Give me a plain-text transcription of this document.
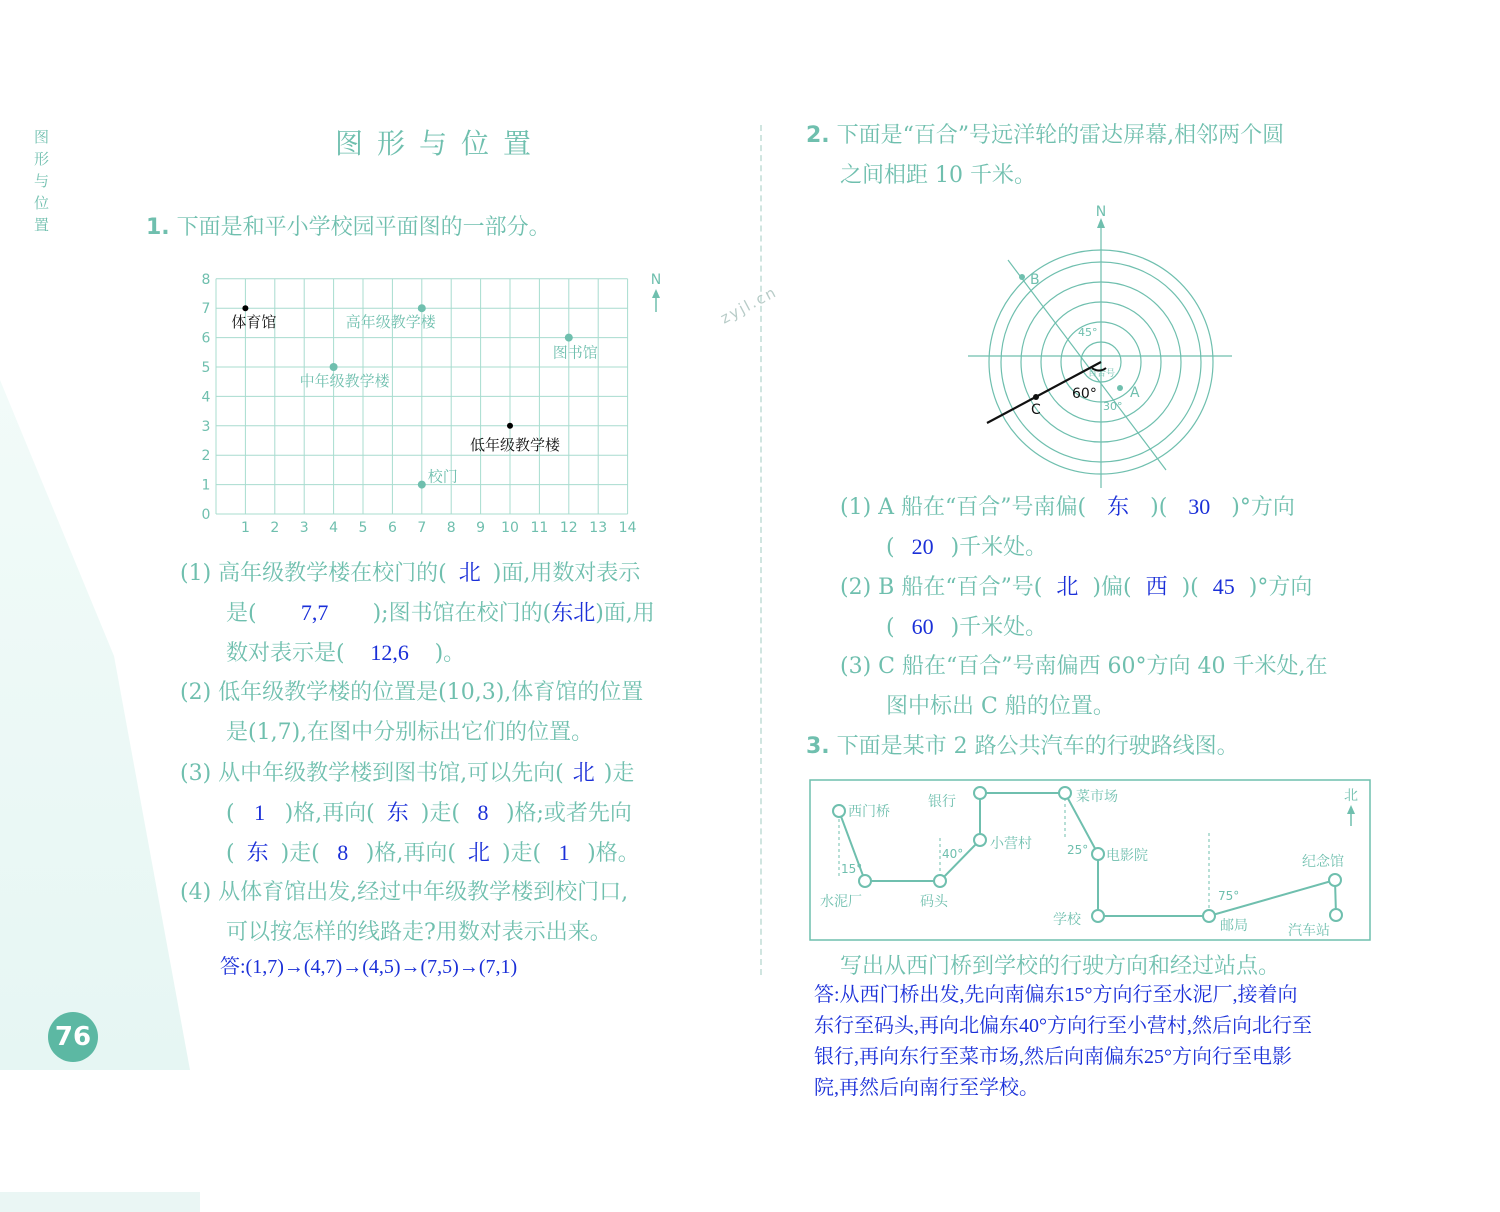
图
形
与
位
置
76
图形与位置
zyjl.cn
1. 下面是和平小学校园平面图的一部分。
1 2 3 4 5 6 7 8 9 10 11 12 13 14
0
1
2
3
4
5
6
7
8
体育馆	高年级教学楼
图书馆
中年级教学楼
低年级教学楼
校门
N
(1) 高年级教学楼在校门的( 北 )面,用数对表示
是( 7,7 );图书馆在校门的(东北)面,用
数对表示是( 12,6 )。
(2) 低年级教学楼的位置是(10,3),体育馆的位置
是(1,7),在图中分别标出它们的位置。
(3) 从中年级教学楼到图书馆,可以先向( 北 )走
( 1 )格,再向( 东 )走( 8 )格;或者先向
( 东 )走( 8 )格,再向( 北 )走( 1 )格。
(4) 从体育馆出发,经过中年级教学楼到校门口,
可以按怎样的线路走?用数对表示出来。
答:(1,7)→(4,7)→(4,5)→(7,5)→(7,1)
2. 下面是“百合”号远洋轮的雷达屏幕,相邻两个圆
之间相距 10 千米。
N
B
A
45°
30°
百合号
C
60°
(1) A 船在“百合”号南偏( 东 )( 30 )°方向
( 20 )千米处。
(2) B 船在“百合”号( 北 )偏( 西 )( 45 )°方向
( 60 )千米处。
(3) C 船在“百合”号南偏西 60°方向 40 千米处,在
图中标出 C 船的位置。
3. 下面是某市 2 路公共汽车的行驶路线图。
西门桥
银行	菜市场
小营村
电影院
水泥厂	码头
纪念馆
学校	邮局	汽车站
15°
40°	25°
75°
北
写出从西门桥到学校的行驶方向和经过站点。
答:从西门桥出发,先向南偏东15°方向行至水泥厂,接着向
东行至码头,再向北偏东40°方向行至小营村,然后向北行至
银行,再向东行至菜市场,然后向南偏东25°方向行至电影
院,再然后向南行至学校。
